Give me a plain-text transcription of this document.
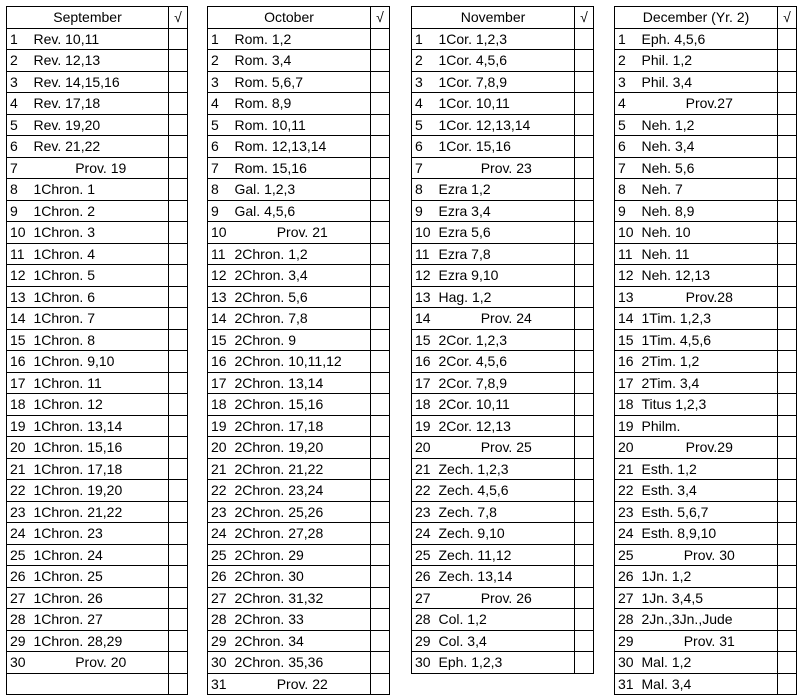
September		√
1	Rev. 10,11	
2	Rev. 12,13	
3	Rev. 14,15,16	
4	Rev. 17,18	
5	Rev. 19,20	
6	Rev. 21,22	
7	Prov. 19	
8	1Chron. 1	
9	1Chron. 2	
10	1Chron. 3	
11	1Chron. 4	
12	1Chron. 5	
13	1Chron. 6	
14	1Chron. 7	
15	1Chron. 8	
16	1Chron. 9,10	
17	1Chron. 11	
18	1Chron. 12	
19	1Chron. 13,14	
20	1Chron. 15,16	
21	1Chron. 17,18	
22	1Chron. 19,20	
23	1Chron. 21,22	
24	1Chron. 23	
25	1Chron. 24	
26	1Chron. 25	
27	1Chron. 26	
28	1Chron. 27	
29	1Chron. 28,29	
30	Prov. 20	

October		√
1	Rom. 1,2	
2	Rom. 3,4	
3	Rom. 5,6,7	
4	Rom. 8,9	
5	Rom. 10,11	
6	Rom. 12,13,14	
7	Rom. 15,16	
8	Gal. 1,2,3	
9	Gal. 4,5,6	
10	Prov. 21	
11	2Chron. 1,2	
12	2Chron. 3,4	
13	2Chron. 5,6	
14	2Chron. 7,8	
15	2Chron. 9	
16	2Chron. 10,11,12	
17	2Chron. 13,14	
18	2Chron. 15,16	
19	2Chron. 17,18	
20	2Chron. 19,20	
21	2Chron. 21,22	
22	2Chron. 23,24	
23	2Chron. 25,26	
24	2Chron. 27,28	
25	2Chron. 29	
26	2Chron. 30	
27	2Chron. 31,32	
28	2Chron. 33	
29	2Chron. 34	
30	2Chron. 35,36	
31	Prov. 22	
November		√
1	1Cor. 1,2,3	
2	1Cor. 4,5,6	
3	1Cor. 7,8,9	
4	1Cor. 10,11	
5	1Cor. 12,13,14	
6	1Cor. 15,16	
7	Prov. 23	
8	Ezra 1,2	
9	Ezra 3,4	
10	Ezra 5,6	
11	Ezra 7,8	
12	Ezra 9,10	
13	Hag. 1,2	
14	Prov. 24	
15	2Cor. 1,2,3	
16	2Cor. 4,5,6	
17	2Cor. 7,8,9	
18	2Cor. 10,11	
19	2Cor. 12,13	
20	Prov. 25	
21	Zech. 1,2,3	
22	Zech. 4,5,6	
23	Zech. 7,8	
24	Zech. 9,10	
25	Zech. 11,12	
26	Zech. 13,14	
27	Prov. 26	
28	Col. 1,2	
29	Col. 3,4	
30	Eph. 1,2,3	
December (Yr. 2)		√
1	Eph. 4,5,6	
2	Phil. 1,2	
3	Phil. 3,4	
4	Prov.27	
5	Neh. 1,2	
6	Neh. 3,4	
7	Neh. 5,6	
8	Neh. 7	
9	Neh. 8,9	
10	Neh. 10	
11	Neh. 11	
12	Neh. 12,13	
13	Prov.28	
14	1Tim. 1,2,3	
15	1Tim. 4,5,6	
16	2Tim. 1,2	
17	2Tim. 3,4	
18	Titus 1,2,3	
19	Philm.	
20	Prov.29	
21	Esth. 1,2	
22	Esth. 3,4	
23	Esth. 5,6,7	
24	Esth. 8,9,10	
25	Prov. 30	
26	1Jn. 1,2	
27	1Jn. 3,4,5	
28	2Jn.,3Jn.,Jude	
29	Prov. 31	
30	Mal. 1,2	
31	Mal. 3,4	
